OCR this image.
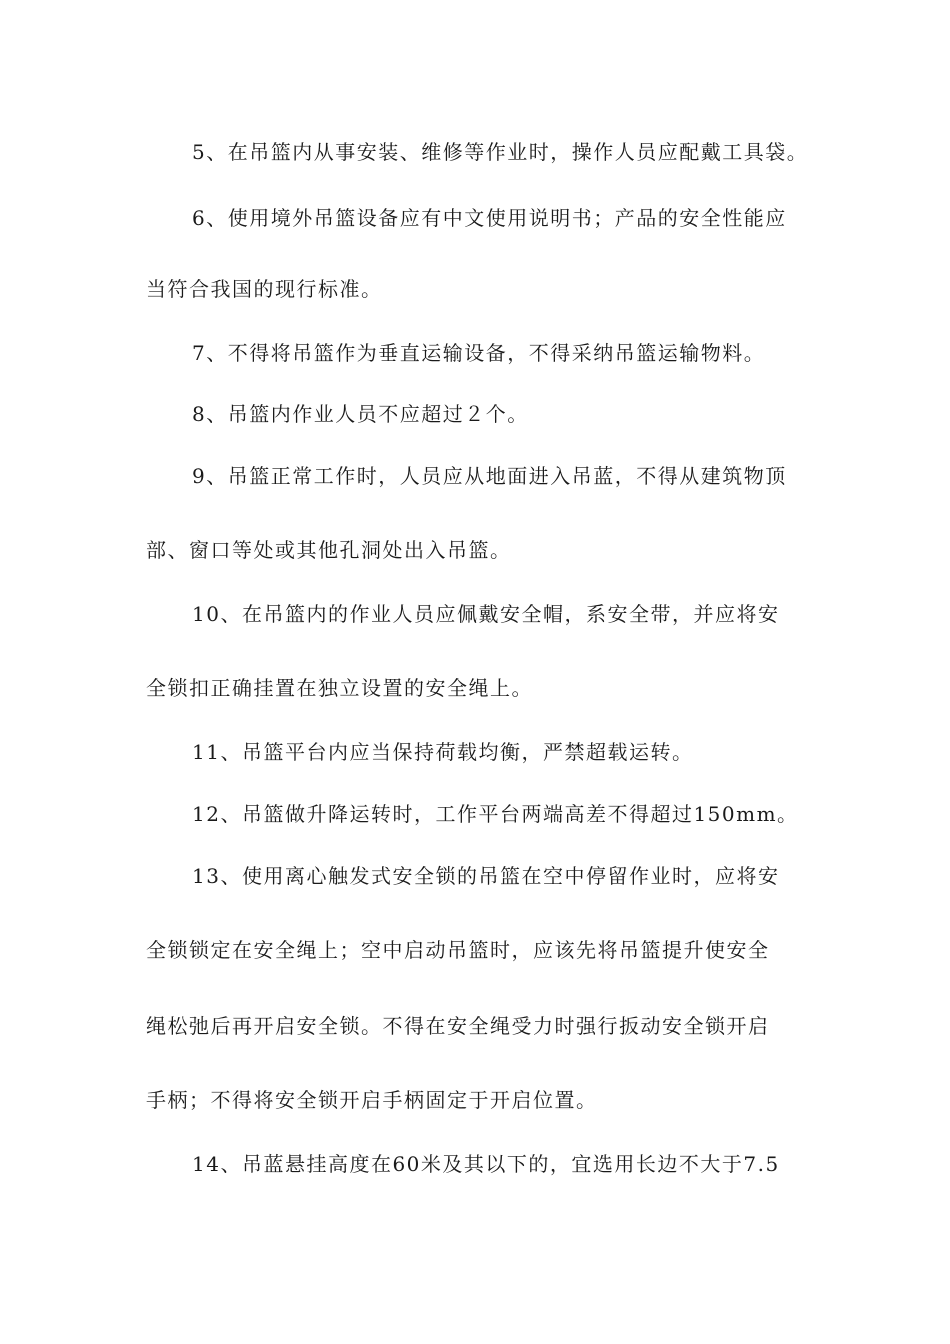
5、在吊篮内从事安装、维修等作业时，操作人员应配戴工具袋。
6、使用境外吊篮设备应有中文使用说明书；产品的安全性能应
当符合我国的现行标准。
7、不得将吊篮作为垂直运输设备，不得采纳吊篮运输物料。
8、吊篮内作业人员不应超过２个。
9、吊篮正常工作时，人员应从地面进入吊蓝，不得从建筑物顶
部、窗口等处或其他孔洞处出入吊篮。
10、在吊篮内的作业人员应佩戴安全帽，系安全带，并应将安
全锁扣正确挂置在独立设置的安全绳上。
11、吊篮平台内应当保持荷载均衡，严禁超载运转。
12、吊篮做升降运转时，工作平台两端高差不得超过150mm。
13、使用离心触发式安全锁的吊篮在空中停留作业时，应将安
全锁锁定在安全绳上；空中启动吊篮时，应该先将吊篮提升使安全
绳松弛后再开启安全锁。不得在安全绳受力时强行扳动安全锁开启
手柄；不得将安全锁开启手柄固定于开启位置。
14、吊蓝悬挂高度在60米及其以下的，宜选用长边不大于7.5
